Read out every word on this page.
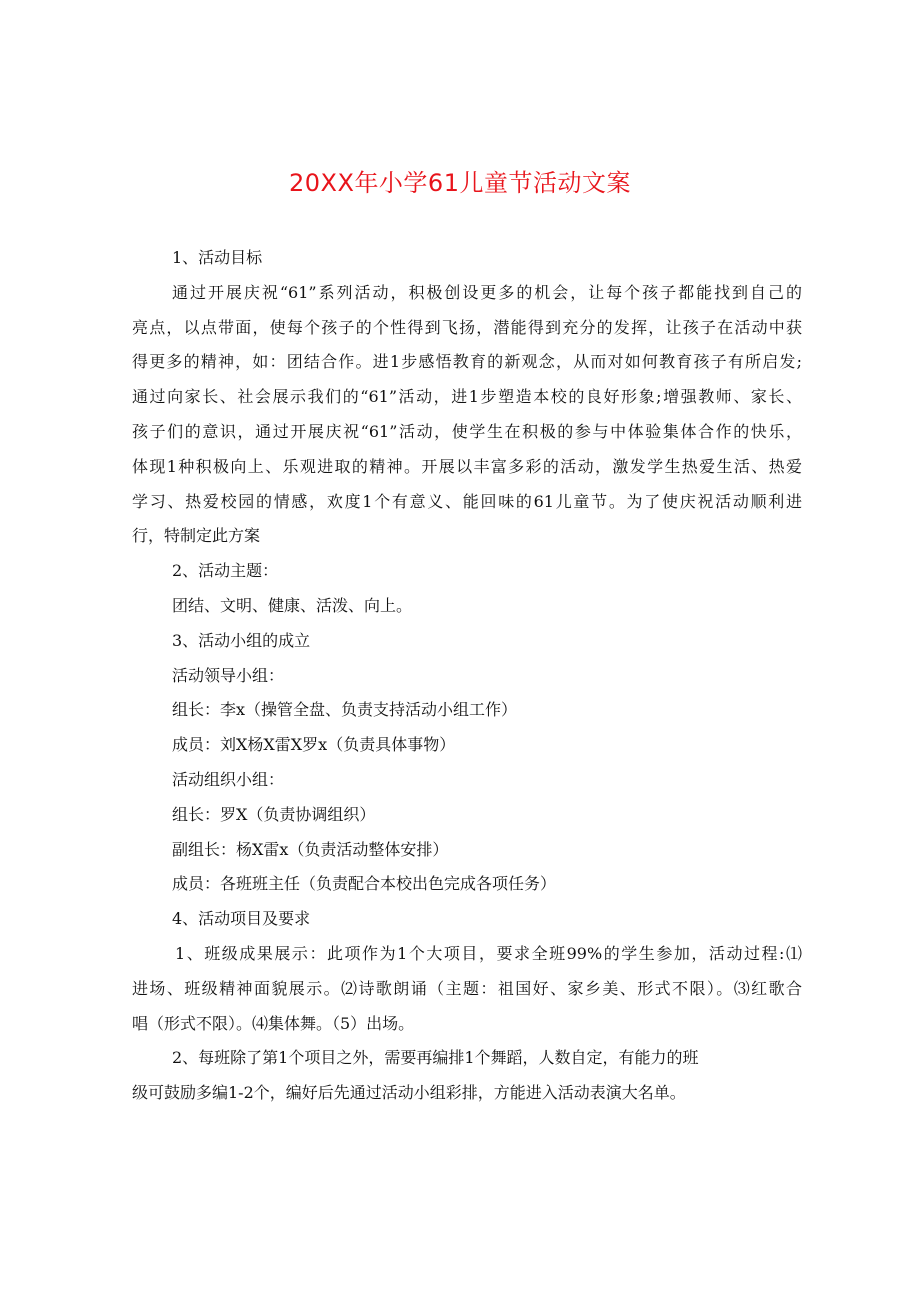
20XX年小学61儿童节活动文案
1、活动目标
通过开展庆祝“61”系列活动，积极创设更多的机会，让每个孩子都能找到自己的
亮点，以点带面，使每个孩子的个性得到飞扬，潜能得到充分的发挥，让孩子在活动中获
得更多的精神，如：团结合作。进1步感悟教育的新观念，从而对如何教育孩子有所启发;
通过向家长、社会展示我们的“61”活动，进1步塑造本校的良好形象;增强教师、家长、
孩子们的意识，通过开展庆祝“61”活动，使学生在积极的参与中体验集体合作的快乐，
体现1种积极向上、乐观进取的精神。开展以丰富多彩的活动，激发学生热爱生活、热爱
学习、热爱校园的情感，欢度1个有意义、能回味的61儿童节。为了使庆祝活动顺利进
行，特制定此方案
2、活动主题：
团结、文明、健康、活泼、向上。
3、活动小组的成立
活动领导小组：
组长：李x（操管全盘、负责支持活动小组工作）
成员：刘X杨X雷X罗x（负责具体事物）
活动组织小组：
组长：罗X（负责协调组织）
副组长：杨X雷x（负责活动整体安排）
成员：各班班主任（负责配合本校出色完成各项任务）
4、活动项目及要求
1、班级成果展示：此项作为1个大项目，要求全班99%的学生参加，活动过程:⑴
进场、班级精神面貌展示。⑵诗歌朗诵（主题：祖国好、家乡美、形式不限）。⑶红歌合
唱（形式不限）。⑷集体舞。（5）出场。
2、每班除了第1个项目之外，需要再编排1个舞蹈，人数自定，有能力的班
级可鼓励多编1-2个，编好后先通过活动小组彩排，方能进入活动表演大名单。
